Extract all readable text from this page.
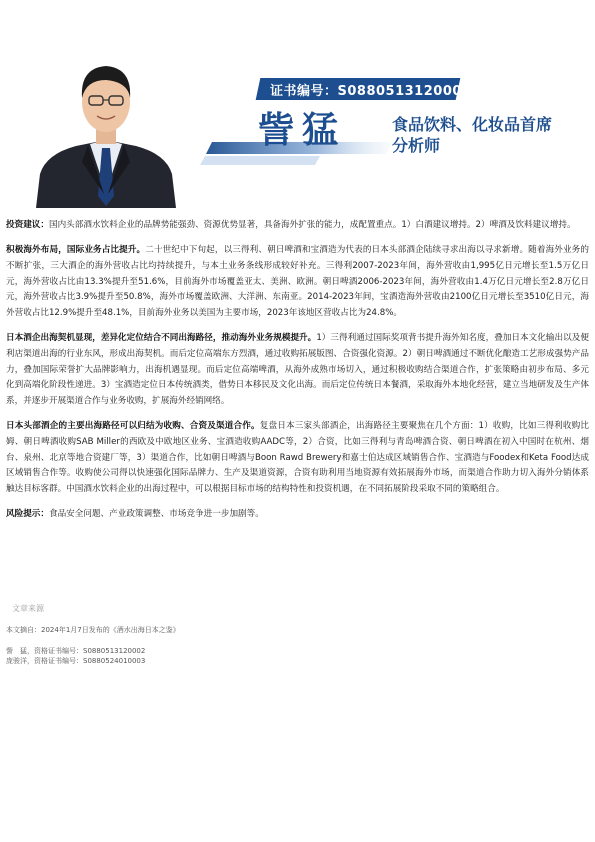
证书编号：S0880513120002
訾猛	食品饮料、化妆品首席分析师

投资建议：国内头部酒水饮料企业的品牌势能强劲、资源优势显著，具备海外扩张的能力，成配置重点。1）白酒建议增持。2）啤酒及饮料建议增持。

积极海外布局，国际业务占比提升。二十世纪中下旬起，以三得利、朝日啤酒和宝酒造为代表的日本头部酒企陆续寻求出海以寻求新增。随着海外业务的不断扩张，三大酒企的海外营收占比均持续提升，与本土业务条线形成较好补充。三得利2007-2023年间，海外营收由1,995亿日元增长至1.5万亿日元，海外营收占比由13.3%提升至51.6%，目前海外市场覆盖亚太、美洲、欧洲。朝日啤酒2006-2023年间，海外营收由1.4万亿日元增长至2.8万亿日元，海外营收占比3.9%提升至50.8%，海外市场覆盖欧洲、大洋洲、东南亚。2014-2023年间，宝酒造海外营收由2100亿日元增长至3510亿日元，海外营收占比12.9%提升至48.1%，目前海外业务以美国为主要市场，2023年该地区营收占比为24.8%。

日本酒企出海契机显现，差异化定位结合不同出海路径，推动海外业务规模提升。1）三得利通过国际奖项背书提升海外知名度，叠加日本文化输出以及便利店渠道出海的行业东风，形成出海契机。而后定位高端东方烈酒，通过收购拓展版图、合资强化资源。2）朝日啤酒通过不断优化酿造工艺形成强势产品力，叠加国际荣誉扩大品牌影响力，出海机遇显现。而后定位高端啤酒，从海外成熟市场切入，通过积极收购结合渠道合作，扩张策略由初步布局、多元化到高端化阶段性递进。3）宝酒造定位日本传统酒类，借势日本移民及文化出海。而后定位传统日本餐酒，采取海外本地化经营，建立当地研发及生产体系，并逐步开展渠道合作与业务收购，扩展海外经销网络。

日本头部酒企的主要出海路径可以归结为收购、合资及渠道合作。复盘日本三家头部酒企，出海路径主要聚焦在几个方面：1）收购，比如三得利收购比姆、朝日啤酒收购SAB Miller的西欧及中欧地区业务、宝酒造收购AADC等，2）合资，比如三得利与青岛啤酒合资、朝日啤酒在初入中国时在杭州、烟台、泉州、北京等地合资建厂等，3）渠道合作，比如朝日啤酒与Boon Rawd Brewery和嘉士伯达成区域销售合作、宝酒造与Foodex和Keta Food达成区域销售合作等。收购使公司得以快速强化国际品牌力、生产及渠道资源，合资有助利用当地资源有效拓展海外市场，而渠道合作助力切入海外分销体系触达目标客群。中国酒水饮料企业的出海过程中，可以根据目标市场的结构特性和投资机遇，在不同拓展阶段采取不同的策略组合。

风险提示：食品安全问题、产业政策调整、市场竞争进一步加剧等。

文章来源
本文摘自：2024年1月7日发布的《酒水出海日本之鉴》
訾　猛，资格证书编号：S0880513120002
庞骏洋，资格证书编号：S0880524010003
